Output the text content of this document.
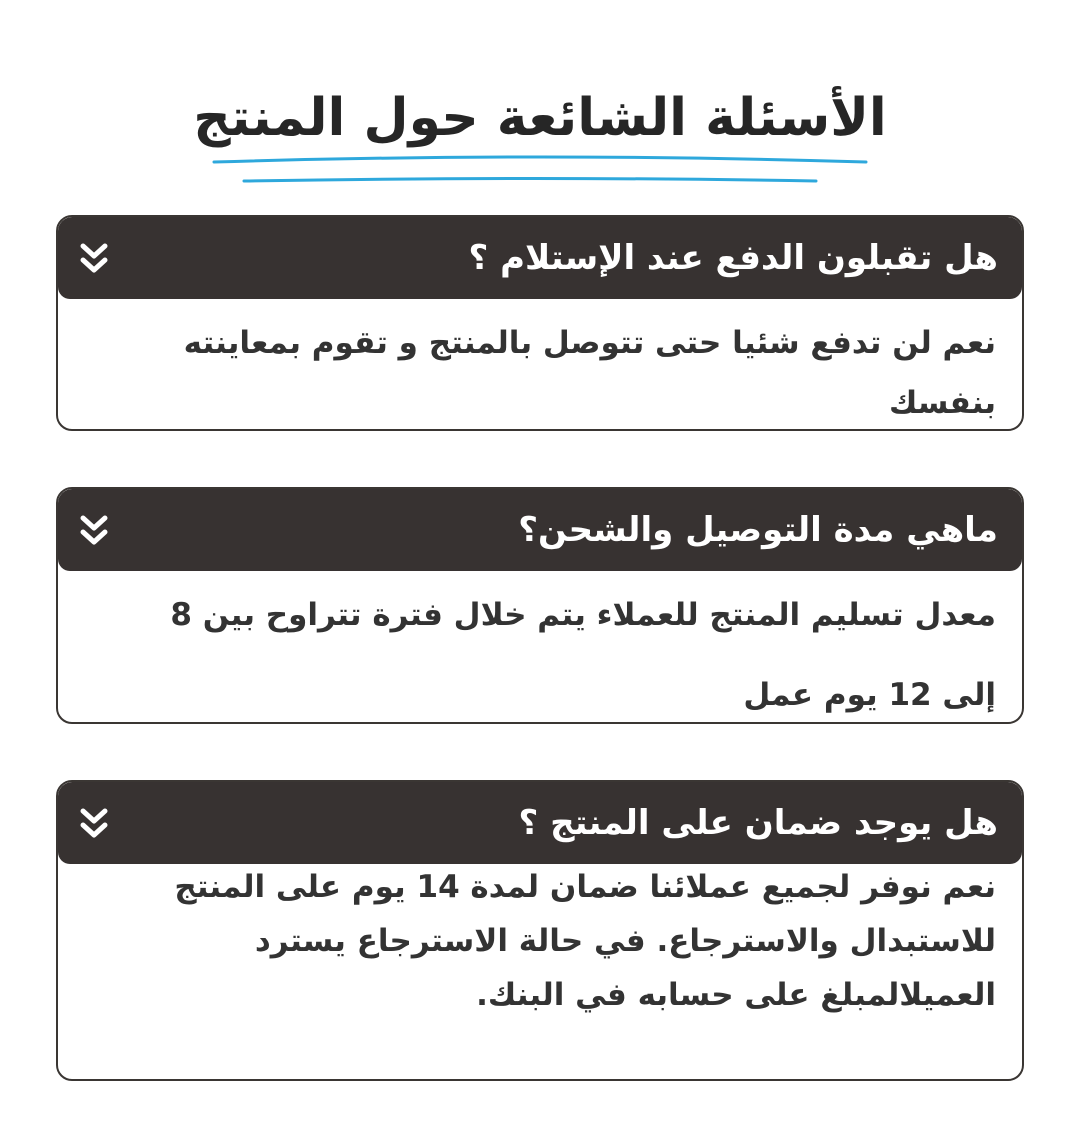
الأسئلة الشائعة حول المنتج
هل تقبلون الدفع عند الإستلام ؟

نعم لن تدفع شئيا حتى تتوصل بالمنتج و تقوم بمعاينته بنفسك

ماهي مدة التوصيل والشحن؟

معدل تسليم المنتج للعملاء يتم خلال فترة تتراوح بين 8 إلى 12 يوم عمل

هل يوجد ضمان على المنتج ؟

نعم نوفر لجميع عملائنا ضمان لمدة 14 يوم على المنتج للاستبدال والاسترجاع. في حالة الاسترجاع يسترد العميلالمبلغ على حسابه في البنك.
